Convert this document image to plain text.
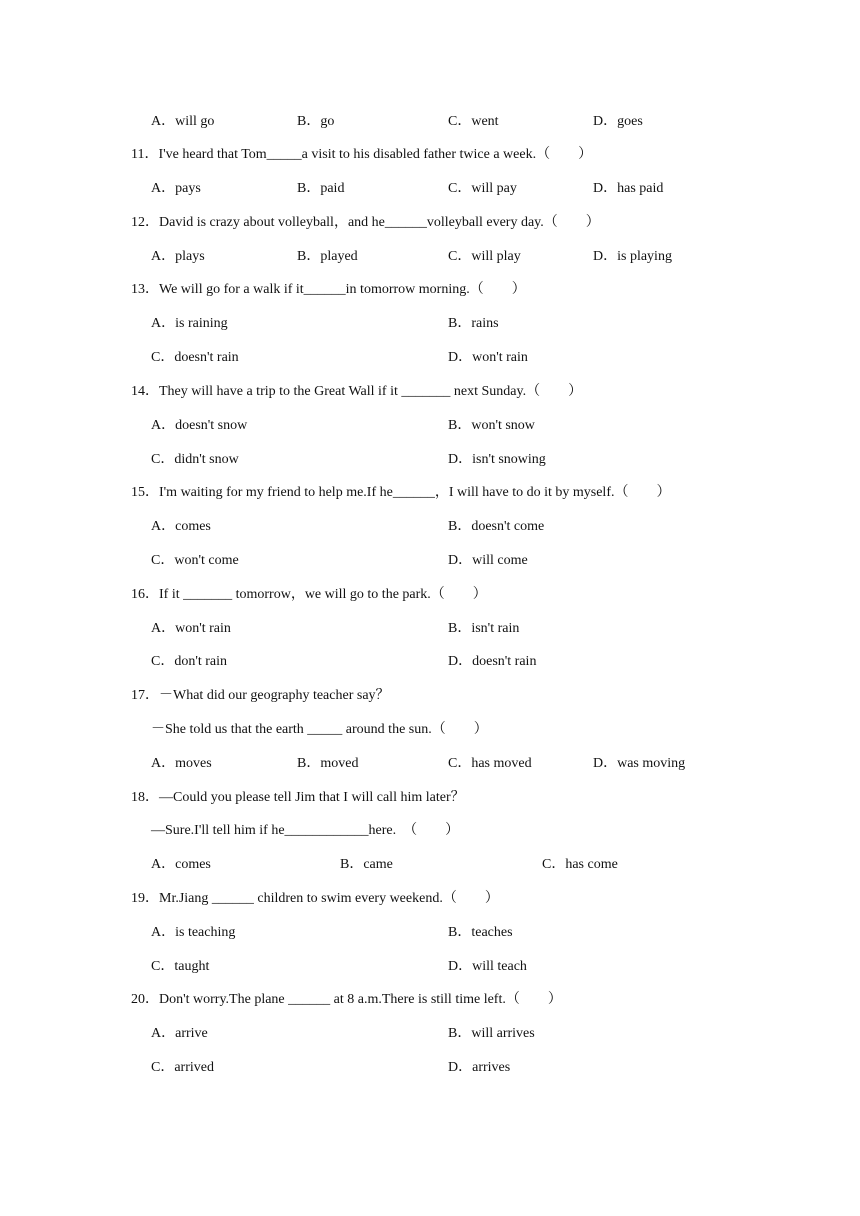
A．will go	B．go	C．went	D．goes
11．I've heard that Tom_____a visit to his disabled father twice a week.（　　）
A．pays	B．paid	C．will pay	D．has paid
12．David is crazy about volleyball，and he______volleyball every day.（　　）
A．plays	B．played	C．will play	D．is playing
13．We will go for a walk if it______in tomorrow morning.（　　）
A．is raining	B．rains
C．doesn't rain	D．won't rain
14．They will have a trip to the Great Wall if it _______ next Sunday.（　　）
A．doesn't snow	B．won't snow
C．didn't snow	D．isn't snowing
15．I'm waiting for my friend to help me.If he______，I will have to do it by myself.（　　）
A．comes	B．doesn't come
C．won't come	D．will come
16．If it _______ tomorrow，we will go to the park.（　　）
A．won't rain	B．isn't rain
C．don't rain	D．doesn't rain
17．－What did our geography teacher say？
－She told us that the earth _____ around the sun.（　　）
A．moves	B．moved	C．has moved	D．was moving
18．—Could you please tell Jim that I will call him later？
—Sure.I'll tell him if he____________here.　（　　）
A．comes	B．came	C．has come
19．Mr.Jiang ______ children to swim every weekend.（　　）
A．is teaching	B．teaches
C．taught	D．will teach
20．Don't worry.The plane ______ at 8 a.m.There is still time left.（　　）
A．arrive	B．will arrives
C．arrived	D．arrives
